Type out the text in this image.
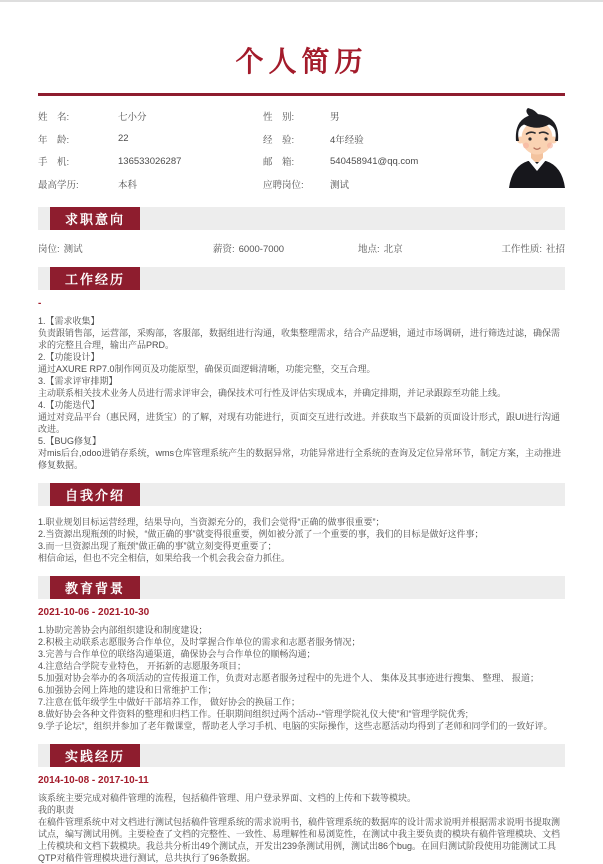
个人简历
姓　名:	七小分	性　别:	男
年　龄:	22	经　验:	4年经验
手　机:	136533026287	邮　箱:	540458941@qq.com
最高学历:	本科	应聘岗位:	测试
求职意向
岗位: 测试	薪资: 6000-7000	地点: 北京	工作性质: 社招
工作经历
-

1.【需求收集】

负责跟销售部，运营部，采购部，客服部，数据组进行沟通，收集整理需求，结合产品逻辑，通过市场调研，进行筛选过滤，确保需求的完整且合理，输出产品PRD。

2.【功能设计】

通过AXURE RP7.0制作网页及功能原型，确保页面逻辑清晰，功能完整，交互合理。

3.【需求评审排期】

主动联系相关技术业务人员进行需求评审会，确保技术可行性及评估实现成本，并确定排期，并记录跟踪至功能上线。

4.【功能迭代】

通过对竞品平台（惠民网，进货宝）的了解，对现有功能进行，页面交互进行改进。并获取当下最新的页面设计形式，跟UI进行沟通改进。

5.【BUG修复】

对mis后台,odoo进销存系统，wms仓库管理系统产生的数据异常，功能异常进行全系统的查询及定位异常环节，制定方案，主动推进修复数据。

自我介绍

1.职业规划目标运营经理，结果导向，当资源充分的，我们会觉得“正确的做事很重要”；

2.当资源出现瓶颈的时候，“做正确的事”就变得很重要，例如被分派了一个重要的事，我们的目标是做好这件事；

3.而一旦资源出现了瓶颈“做正确的事”就立刻变得更重要了；

相信命运，但也不完全相信，如果给我一个机会我会奋力抓住。

教育背景
2021-10-06 - 2021-10-30

1.协助完善协会内部组织建设和制度建设；

2.积极主动联系志愿服务合作单位，及时掌握合作单位的需求和志愿者服务情况；

3.完善与合作单位的联络沟通渠道，确保协会与合作单位的顺畅沟通；

4.注意结合学院专业特色， 开拓新的志愿服务项目；

5.加强对协会举办的各项活动的宣传报道工作，负责对志愿者服务过程中的先进个人、 集体及其事迹进行搜集、 整理、 报道；

6.加强协会网上阵地的建设和日常维护工作；

7.注意在低年级学生中做好干部培养工作， 做好协会的换届工作；

8.做好协会各种文件资料的整理和归档工作。任职期间组织过两个活动--“管理学院礼仪大使”和“管理学院优秀;

9.学子论坛”，组织并参加了老年微课堂，帮助老人学习手机、电脑的实际操作，这些志愿活动均得到了老师和同学们的一致好评。

实践经历
2014-10-08 - 2017-10-11

该系统主要完成对稿件管理的流程，包括稿件管理、用户登录界面、文档的上传和下载等模块。

我的职责

在稿件管理系统中对文档进行测试包括稿件管理系统的需求说明书，稿件管理系统的数据库的设计需求说明并根据需求说明书提取测试点，编写测试用例。主要检查了文档的完整性、一致性、易理解性和易浏览性，在测试中我主要负责的模块有稿件管理模块、文档上传模块和文档下载模块。我总共分析出49个测试点，开发出239条测试用例，测试出86个bug。在回归测试阶段使用功能测试工具QTP对稿件管理模块进行测试，总共执行了96条数据。
